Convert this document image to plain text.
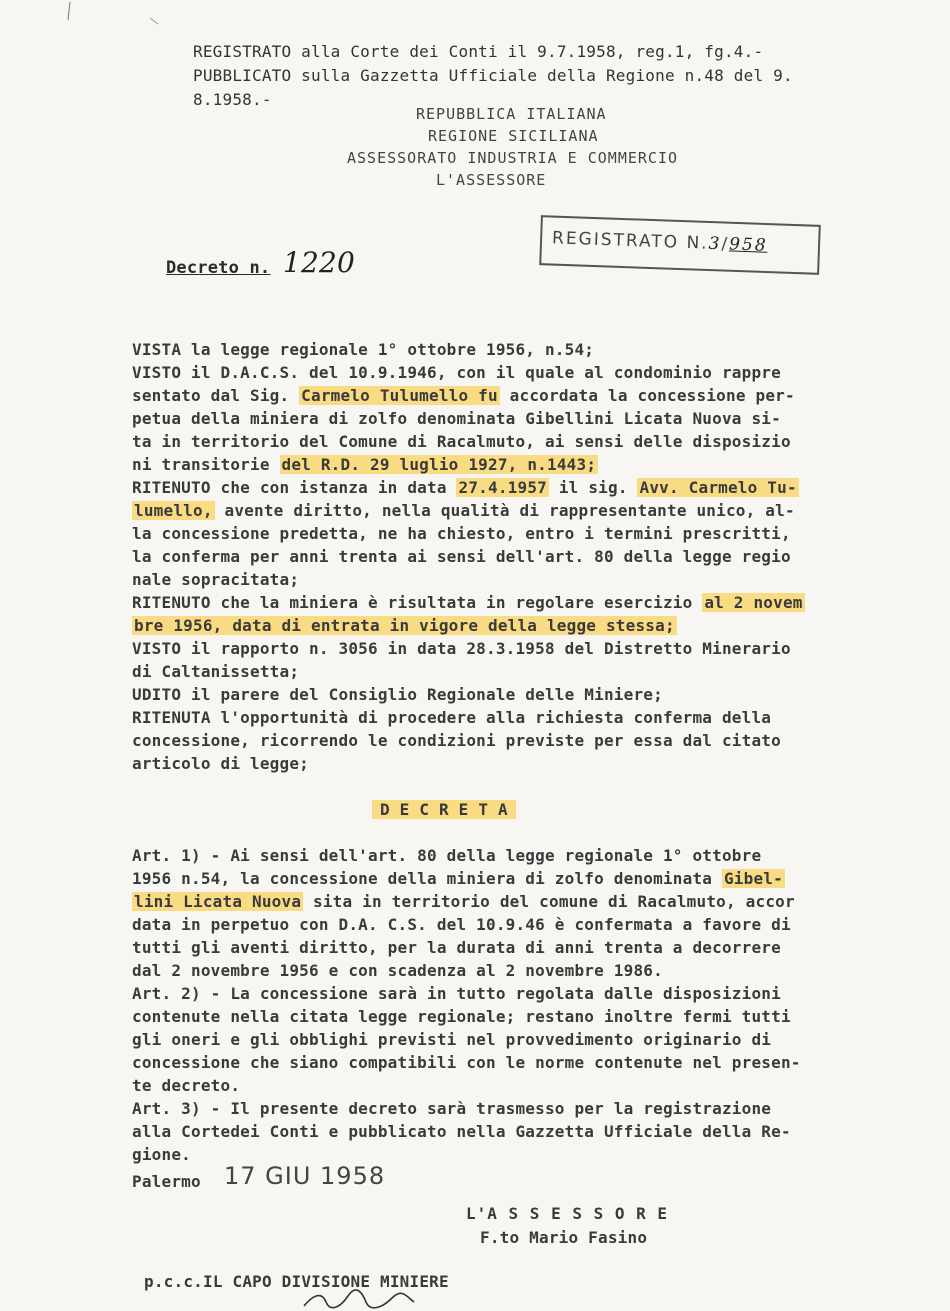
REGISTRATO alla Corte dei Conti il 9.7.1958, reg.1, fg.4.-
PUBBLICATO sulla Gazzetta Ufficiale della Regione n.48 del 9.
8.1958.-
REPUBBLICA ITALIANA
REGIONE SICILIANA
ASSESSORATO INDUSTRIA E COMMERCIO
L'ASSESSORE
REGISTRATO N.3/958
Decreto n. 1220
VISTA la legge regionale 1° ottobre 1956, n.54;
VISTO il D.A.C.S. del 10.9.1946, con il quale al condominio rappre
sentato dal Sig. Carmelo Tulumello fu accordata la concessione per-
petua della miniera di zolfo denominata Gibellini Licata Nuova si-
ta in territorio del Comune di Racalmuto, ai sensi delle disposizio
ni transitorie del R.D. 29 luglio 1927, n.1443;
RITENUTO che con istanza in data 27.4.1957 il sig. Avv. Carmelo Tu-
lumello, avente diritto, nella qualità di rappresentante unico, al-
la concessione predetta, ne ha chiesto, entro i termini prescritti,
la conferma per anni trenta ai sensi dell'art. 80 della legge regio
nale sopracitata;
RITENUTO che la miniera è risultata in regolare esercizio al 2 novem
bre 1956, data di entrata in vigore della legge stessa;
VISTO il rapporto n. 3056 in data 28.3.1958 del Distretto Minerario
di Caltanissetta;
UDITO il parere del Consiglio Regionale delle Miniere;
RITENUTA l'opportunità di procedere alla richiesta conferma della
concessione, ricorrendo le condizioni previste per essa dal citato
articolo di legge;
D E C R E T A
Art. 1) - Ai sensi dell'art. 80 della legge regionale 1° ottobre
1956 n.54, la concessione della miniera di zolfo denominata Gibel-
lini Licata Nuova sita in territorio del comune di Racalmuto, accor
data in perpetuo con D.A. C.S. del 10.9.46 è confermata a favore di
tutti gli aventi diritto, per la durata di anni trenta a decorrere
dal 2 novembre 1956 e con scadenza al 2 novembre 1986.
Art. 2) - La concessione sarà in tutto regolata dalle disposizioni
contenute nella citata legge regionale; restano inoltre fermi tutti
gli oneri e gli obblighi previsti nel provvedimento originario di
concessione che siano compatibili con le norme contenute nel presen-
te decreto.
Art. 3) - Il presente decreto sarà trasmesso per la registrazione
alla Cortedei Conti e pubblicato nella Gazzetta Ufficiale della Re-
gione.
Palermo 17 GIU 1958
L'A S S E S S O R E
F.to Mario Fasino
p.c.c.IL CAPO DIVISIONE MINIERE
